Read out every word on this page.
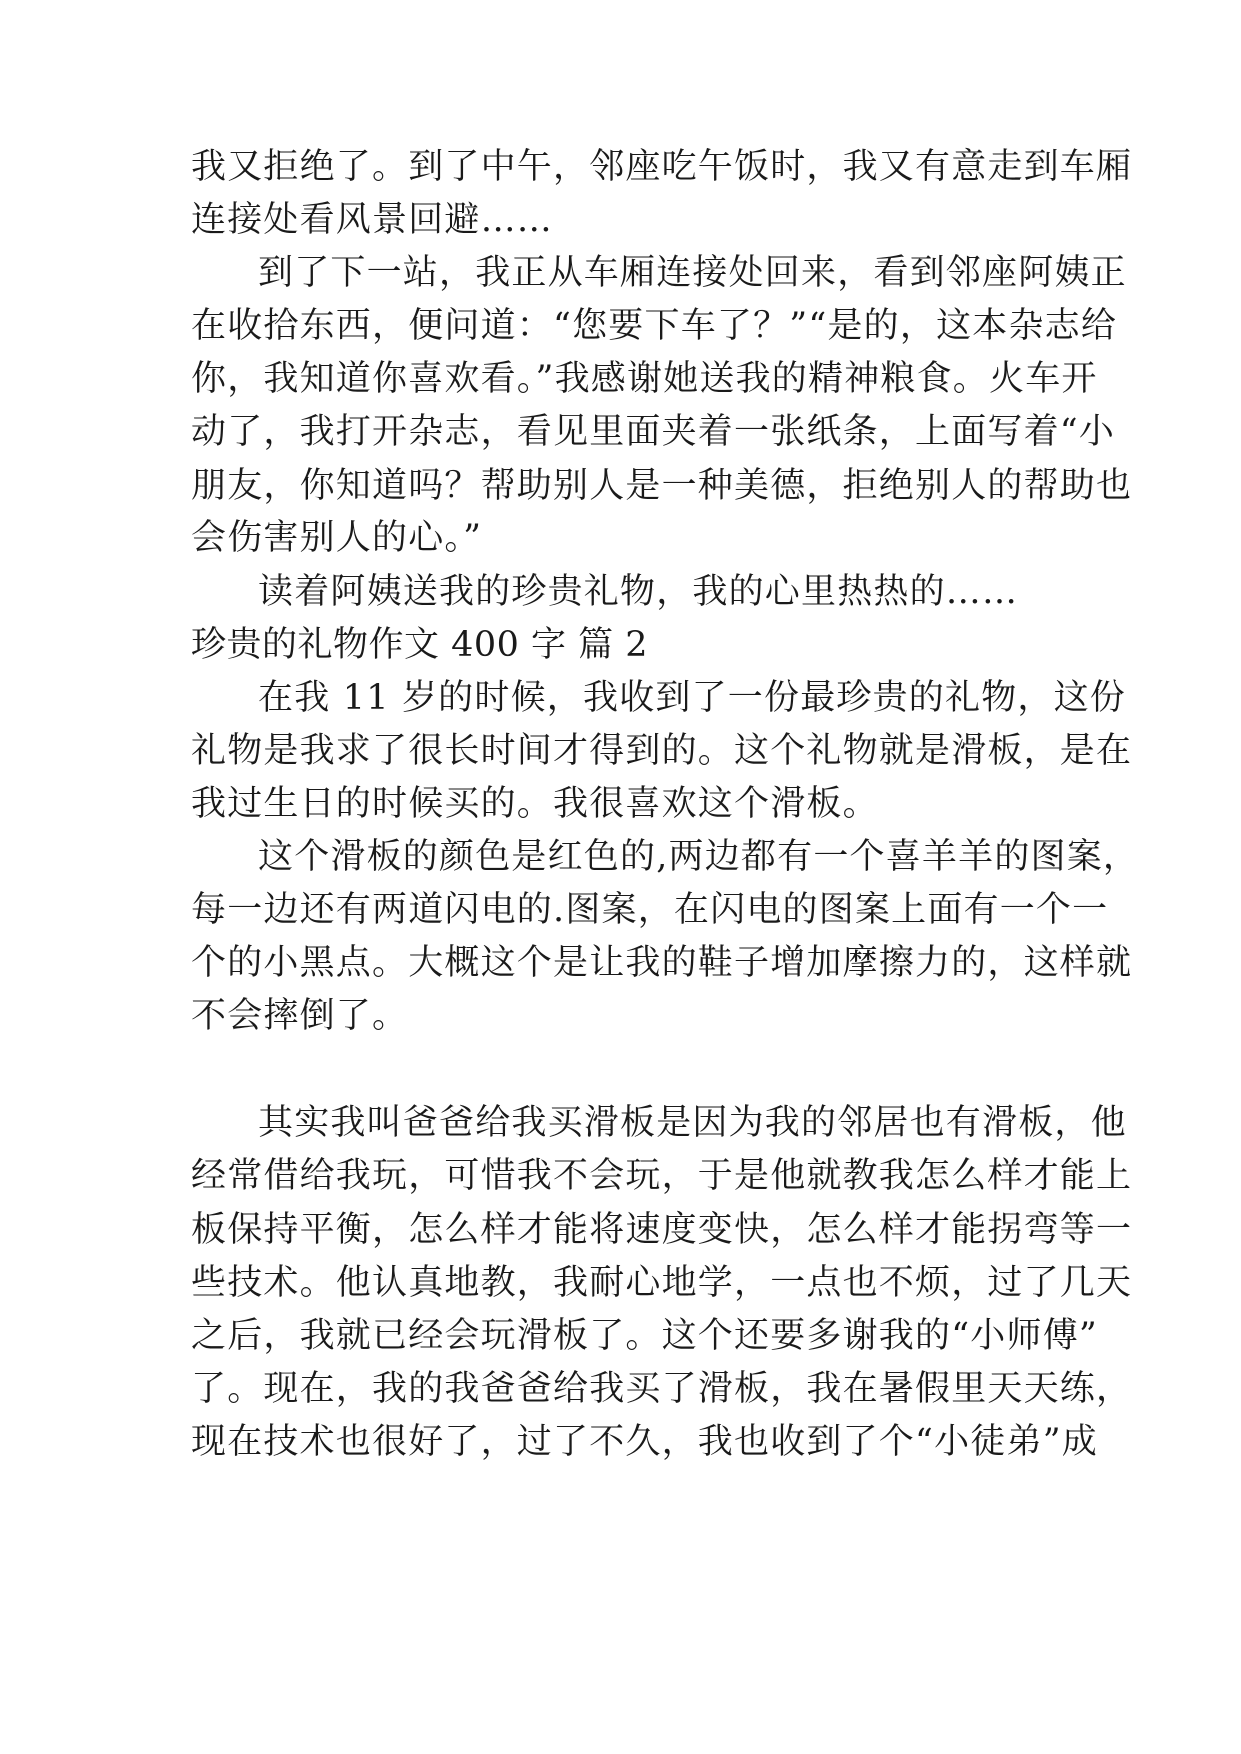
我又拒绝了。到了中午，邻座吃午饭时，我又有意走到车厢
连接处看风景回避……
到了下一站，我正从车厢连接处回来，看到邻座阿姨正
在收拾东西，便问道：“您要下车了？”“是的，这本杂志给
你，我知道你喜欢看。”我感谢她送我的精神粮食。火车开
动了，我打开杂志，看见里面夹着一张纸条，上面写着“小
朋友，你知道吗？帮助别人是一种美德，拒绝别人的帮助也
会伤害别人的心。”
读着阿姨送我的珍贵礼物，我的心里热热的……
珍贵的礼物作文 400 字 篇 2
在我 11 岁的时候，我收到了一份最珍贵的礼物，这份
礼物是我求了很长时间才得到的。这个礼物就是滑板，是在
我过生日的时候买的。我很喜欢这个滑板。
这个滑板的颜色是红色的,两边都有一个喜羊羊的图案，
每一边还有两道闪电的.图案，在闪电的图案上面有一个一
个的小黑点。大概这个是让我的鞋子增加摩擦力的，这样就
不会摔倒了。
其实我叫爸爸给我买滑板是因为我的邻居也有滑板，他
经常借给我玩，可惜我不会玩，于是他就教我怎么样才能上
板保持平衡，怎么样才能将速度变快，怎么样才能拐弯等一
些技术。他认真地教，我耐心地学，一点也不烦，过了几天
之后，我就已经会玩滑板了。这个还要多谢我的“小师傅”
了。现在，我的我爸爸给我买了滑板，我在暑假里天天练，
现在技术也很好了，过了不久，我也收到了个“小徒弟”成
